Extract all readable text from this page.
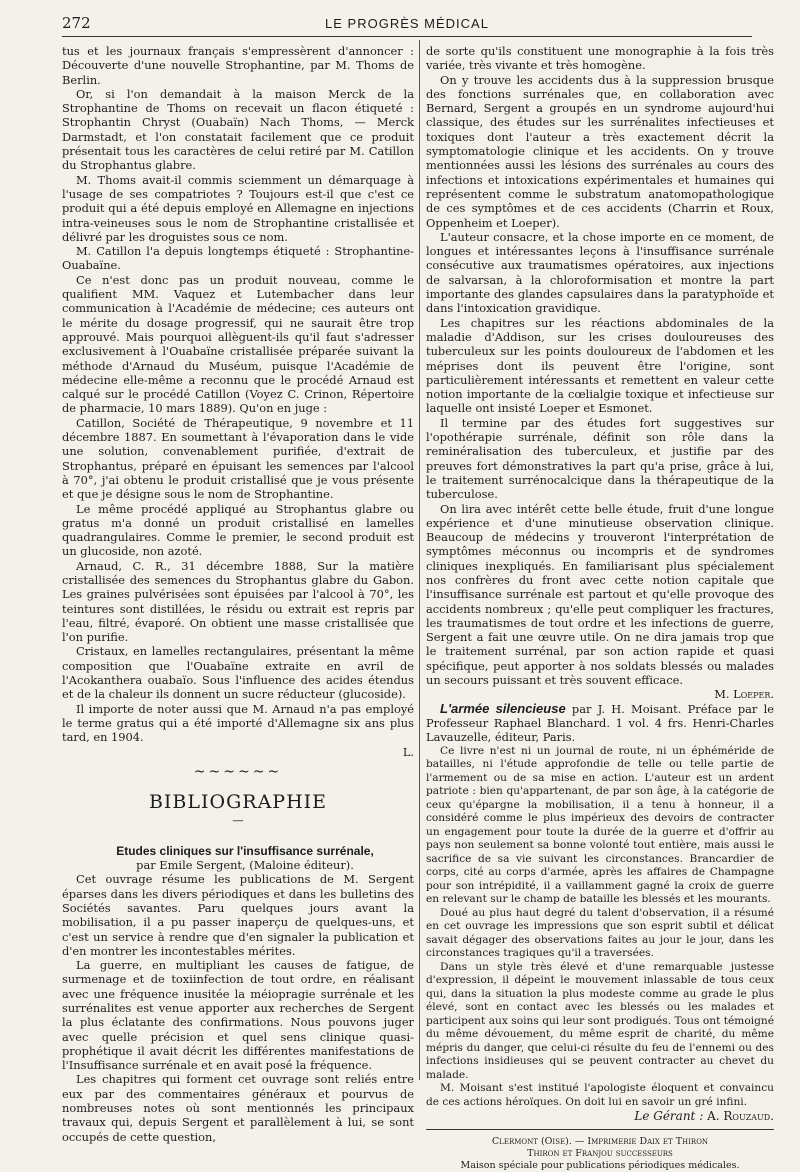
272	LE PROGRÈS MÉDICAL

tus et les journaux français s'empressèrent d'annoncer : Découverte d'une nouvelle Strophantine, par M. Thoms de Berlin.

Or, si l'on demandait à la maison Merck de la Strophantine de Thoms on recevait un flacon étiqueté : Strophantin Chryst (Ouabaïn) Nach Thoms, — Merck Darmstadt, et l'on constatait facilement que ce produit présentait tous les caractères de celui retiré par M. Catillon du Strophantus glabre.

M. Thoms avait-il commis sciemment un démarquage à l'usage de ses compatriotes ? Toujours est-il que c'est ce produit qui a été depuis employé en Allemagne en injections intra-veineuses sous le nom de Strophantine cristallisée et délivré par les droguistes sous ce nom.

M. Catillon l'a depuis longtemps étiqueté : Strophantine-Ouabaïne.

Ce n'est donc pas un produit nouveau, comme le qualifient MM. Vaquez et Lutembacher dans leur communication à l'Académie de médecine; ces auteurs ont le mérite du dosage progressif, qui ne saurait être trop approuvé. Mais pourquoi allèguent-ils qu'il faut s'adresser exclusivement à l'Ouabaïne cristallisée préparée suivant la méthode d'Arnaud du Muséum, puisque l'Académie de médecine elle-même a reconnu que le procédé Arnaud est calqué sur le procédé Catillon (Voyez C. Crinon, Répertoire de pharmacie, 10 mars 1889). Qu'on en juge :

Catillon, Société de Thérapeutique, 9 novembre et 11 décembre 1887. En soumettant à l'évaporation dans le vide une solution, convenablement purifiée, d'extrait de Strophantus, préparé en épuisant les semences par l'alcool à 70°, j'ai obtenu le produit cristallisé que je vous présente et que je désigne sous le nom de Strophantine.

Le même procédé appliqué au Strophantus glabre ou gratus m'a donné un produit cristallisé en lamelles quadrangulaires. Comme le premier, le second produit est un glucoside, non azoté.

Arnaud, C. R., 31 décembre 1888, Sur la matière cristallisée des semences du Strophantus glabre du Gabon. Les graines pulvérisées sont épuisées par l'alcool à 70°, les teintures sont distillées, le résidu ou extrait est repris par l'eau, filtré, évaporé. On obtient une masse cristallisée que l'on purifie.

Cristaux, en lamelles rectangulaires, présentant la même composition que l'Ouabaïne extraite en avril de l'Acokanthera ouabaïo. Sous l'influence des acides étendus et de la chaleur ils donnent un sucre réducteur (glucoside).

Il importe de noter aussi que M. Arnaud n'a pas employé le terme gratus qui a été importé d'Allemagne six ans plus tard, en 1904.

L.

~~~~~~
BIBLIOGRAPHIE
—

Etudes cliniques sur l'insuffisance surrénale,

par Emile Sergent, (Maloine éditeur).

Cet ouvrage résume les publications de M. Sergent éparses dans les divers périodiques et dans les bulletins des Sociétés savantes. Paru quelques jours avant la mobilisation, il a pu passer inaperçu de quelques-uns, et c'est un service à rendre que d'en signaler la publication et d'en montrer les incontestables mérites.

La guerre, en multipliant les causes de fatigue, de surmenage et de toxiinfection de tout ordre, en réalisant avec une fréquence inusitée la méiopragie surrénale et les surrénalites est venue apporter aux recherches de Sergent la plus éclatante des confirmations. Nous pouvons juger avec quelle précision et quel sens clinique quasi-prophétique il avait décrit les différentes manifestations de l'Insuffisance surrénale et en avait posé la fréquence.

Les chapitres qui forment cet ouvrage sont reliés entre eux par des commentaires généraux et pourvus de nombreuses notes où sont mentionnés les principaux travaux qui, depuis Sergent et parallèlement à lui, se sont occupés de cette question,

de sorte qu'ils constituent une monographie à la fois très variée, très vivante et très homogène.

On y trouve les accidents dus à la suppression brusque des fonctions surrénales que, en collaboration avec Bernard, Sergent a groupés en un syndrome aujourd'hui classique, des études sur les surrénalites infectieuses et toxiques dont l'auteur a très exactement décrit la symptomatologie clinique et les accidents. On y trouve mentionnées aussi les lésions des surrénales au cours des infections et intoxications expérimentales et humaines qui représentent comme le substratum anatomopathologique de ces symptômes et de ces accidents (Charrin et Roux, Oppenheim et Loeper).

L'auteur consacre, et la chose importe en ce moment, de longues et intéressantes leçons à l'insuffisance surrénale consécutive aux traumatismes opératoires, aux injections de salvarsan, à la chloroformisation et montre la part importante des glandes capsulaires dans la paratyphoïde et dans l'intoxication gravidique.

Les chapitres sur les réactions abdominales de la maladie d'Addison, sur les crises douloureuses des tuberculeux sur les points douloureux de l'abdomen et les méprises dont ils peuvent être l'origine, sont particulièrement intéressants et remettent en valeur cette notion importante de la cœlialgie toxique et infectieuse sur laquelle ont insisté Loeper et Esmonet.

Il termine par des études fort suggestives sur l'opothérapie surrénale, définit son rôle dans la reminéralisation des tuberculeux, et justifie par des preuves fort démonstratives la part qu'a prise, grâce à lui, le traitement surrénocalcique dans la thérapeutique de la tuberculose.

On lira avec intérêt cette belle étude, fruit d'une longue expérience et d'une minutieuse observation clinique. Beaucoup de médecins y trouveront l'interprétation de symptômes méconnus ou incompris et de syndromes cliniques inexpliqués. En familiarisant plus spécialement nos confrères du front avec cette notion capitale que l'insuffisance surrénale est partout et qu'elle provoque des accidents nombreux ; qu'elle peut compliquer les fractures, les traumatismes de tout ordre et les infections de guerre, Sergent a fait une œuvre utile. On ne dira jamais trop que le traitement surrénal, par son action rapide et quasi spécifique, peut apporter à nos soldats blessés ou malades un secours puissant et très souvent efficace.

M. Loeper.

L'armée silencieuse par J. H. Moisant. Préface par le Professeur Raphael Blanchard. 1 vol. 4 frs. Henri-Charles Lavauzelle, éditeur, Paris.

Ce livre n'est ni un journal de route, ni un éphéméride de batailles, ni l'étude approfondie de telle ou telle partie de l'armement ou de sa mise en action. L'auteur est un ardent patriote : bien qu'appartenant, de par son âge, à la catégorie de ceux qu'épargne la mobilisation, il a tenu à honneur, il a considéré comme le plus impérieux des devoirs de contracter un engagement pour toute la durée de la guerre et d'offrir au pays non seulement sa bonne volonté tout entière, mais aussi le sacrifice de sa vie suivant les circonstances. Brancardier de corps, cité au corps d'armée, après les affaires de Champagne pour son intrépidité, il a vaillamment gagné la croix de guerre en relevant sur le champ de bataille les blessés et les mourants.

Doué au plus haut degré du talent d'observation, il a résumé en cet ouvrage les impressions que son esprit subtil et délicat savait dégager des observations faites au jour le jour, dans les circonstances tragiques qu'il a traversées.

Dans un style très élevé et d'une remarquable justesse d'expression, il dépeint le mouvement inlassable de tous ceux qui, dans la situation la plus modeste comme au grade le plus élevé, sont en contact avec les blessés ou les malades et participent aux soins qui leur sont prodigués. Tous ont témoigné du même dévouement, du même esprit de charité, du même mépris du danger, que celui-ci résulte du feu de l'ennemi ou des infections insidieuses qui se peuvent contracter au chevet du malade.

M. Moisant s'est institué l'apologiste éloquent et convaincu de ces actions héroïques. On doit lui en savoir un gré infini.

Le Gérant : A. Rouzaud.

Clermont (Oise). — Imprimerie Daix et Thiron
Thiron et Franjou successeurs
Maison spéciale pour publications périodiques médicales.
